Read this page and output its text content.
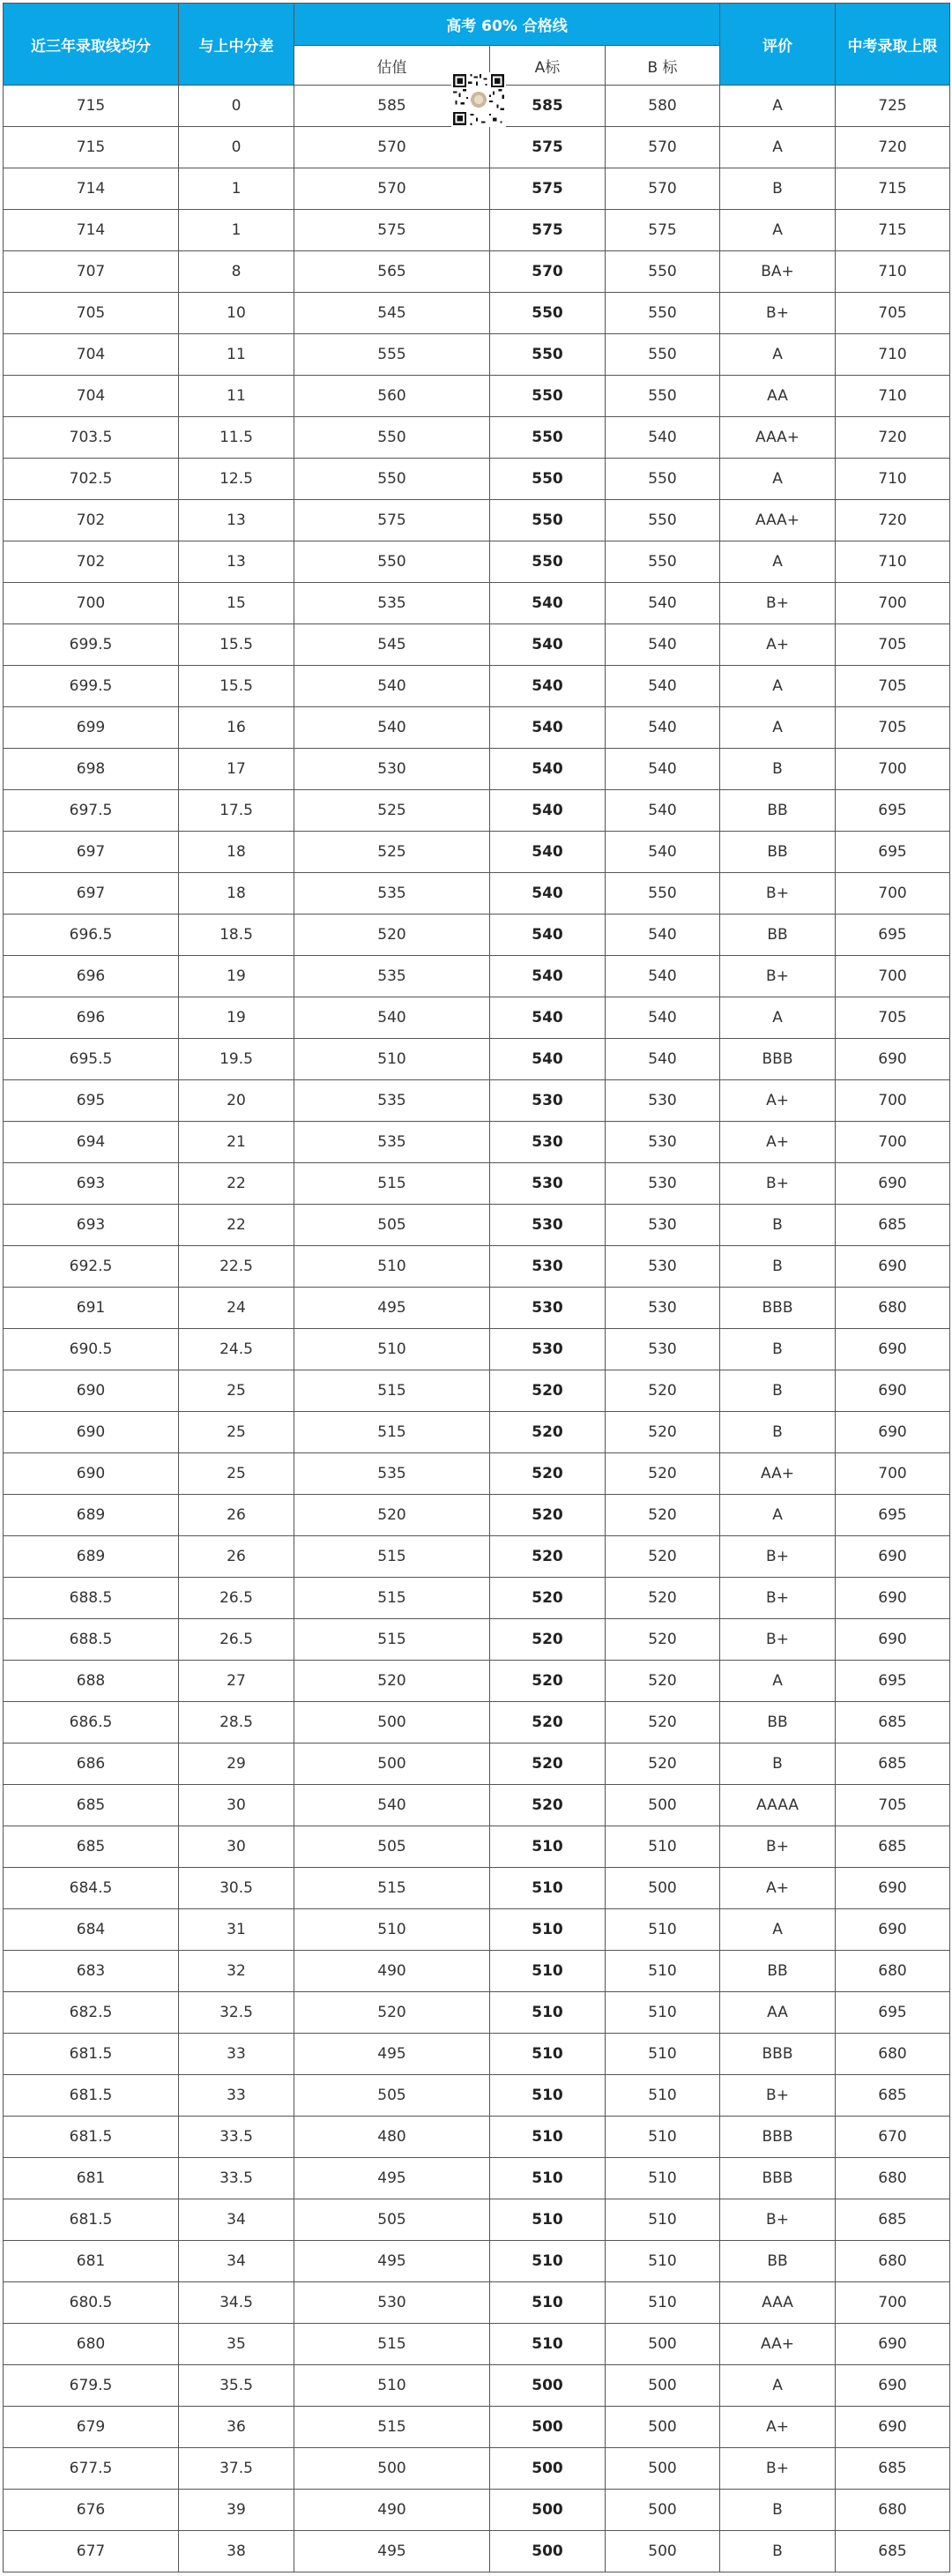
近三年录取线均分	与上中分差	高考 60% 合格线			评价	中考录取上限
		估值	A标	B 标		
715	0	585	585	580	A	725
715	0	570	575	570	A	720
714	1	570	575	570	B	715
714	1	575	575	575	A	715
707	8	565	570	550	BA+	710
705	10	545	550	550	B+	705
704	11	555	550	550	A	710
704	11	560	550	550	AA	710
703.5	11.5	550	550	540	AAA+	720
702.5	12.5	550	550	550	A	710
702	13	575	550	550	AAA+	720
702	13	550	550	550	A	710
700	15	535	540	540	B+	700
699.5	15.5	545	540	540	A+	705
699.5	15.5	540	540	540	A	705
699	16	540	540	540	A	705
698	17	530	540	540	B	700
697.5	17.5	525	540	540	BB	695
697	18	525	540	540	BB	695
697	18	535	540	550	B+	700
696.5	18.5	520	540	540	BB	695
696	19	535	540	540	B+	700
696	19	540	540	540	A	705
695.5	19.5	510	540	540	BBB	690
695	20	535	530	530	A+	700
694	21	535	530	530	A+	700
693	22	515	530	530	B+	690
693	22	505	530	530	B	685
692.5	22.5	510	530	530	B	690
691	24	495	530	530	BBB	680
690.5	24.5	510	530	530	B	690
690	25	515	520	520	B	690
690	25	515	520	520	B	690
690	25	535	520	520	AA+	700
689	26	520	520	520	A	695
689	26	515	520	520	B+	690
688.5	26.5	515	520	520	B+	690
688.5	26.5	515	520	520	B+	690
688	27	520	520	520	A	695
686.5	28.5	500	520	520	BB	685
686	29	500	520	520	B	685
685	30	540	520	500	AAAA	705
685	30	505	510	510	B+	685
684.5	30.5	515	510	500	A+	690
684	31	510	510	510	A	690
683	32	490	510	510	BB	680
682.5	32.5	520	510	510	AA	695
681.5	33	495	510	510	BBB	680
681.5	33	505	510	510	B+	685
681.5	33.5	480	510	510	BBB	670
681	33.5	495	510	510	BBB	680
681.5	34	505	510	510	B+	685
681	34	495	510	510	BB	680
680.5	34.5	530	510	510	AAA	700
680	35	515	510	500	AA+	690
679.5	35.5	510	500	500	A	690
679	36	515	500	500	A+	690
677.5	37.5	500	500	500	B+	685
676	39	490	500	500	B	680
677	38	495	500	500	B	685
